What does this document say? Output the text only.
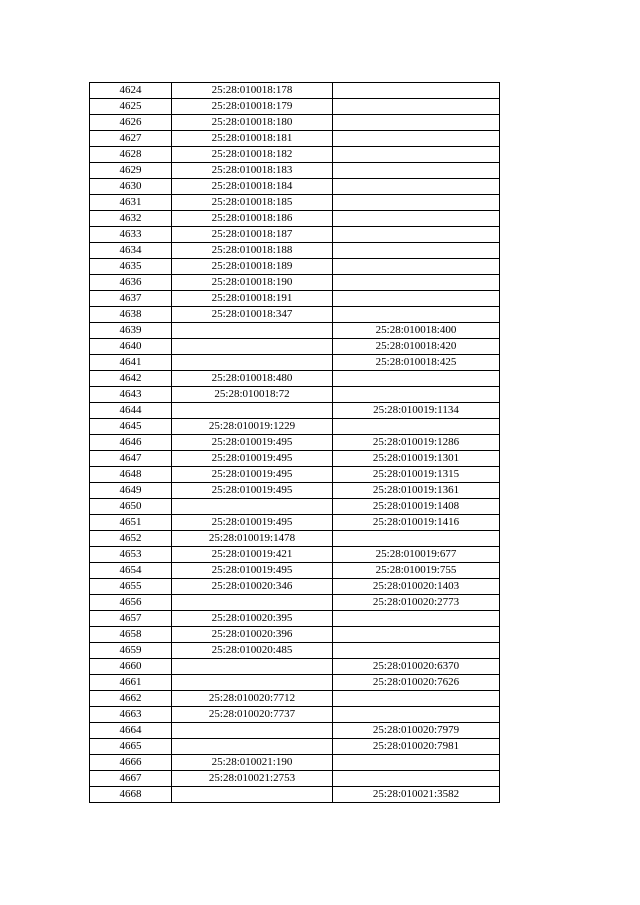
4624	25:28:010018:178	
4625	25:28:010018:179	
4626	25:28:010018:180	
4627	25:28:010018:181	
4628	25:28:010018:182	
4629	25:28:010018:183	
4630	25:28:010018:184	
4631	25:28:010018:185	
4632	25:28:010018:186	
4633	25:28:010018:187	
4634	25:28:010018:188	
4635	25:28:010018:189	
4636	25:28:010018:190	
4637	25:28:010018:191	
4638	25:28:010018:347	
4639		25:28:010018:400
4640		25:28:010018:420
4641		25:28:010018:425
4642	25:28:010018:480	
4643	25:28:010018:72	
4644		25:28:010019:1134
4645	25:28:010019:1229	
4646	25:28:010019:495	25:28:010019:1286
4647	25:28:010019:495	25:28:010019:1301
4648	25:28:010019:495	25:28:010019:1315
4649	25:28:010019:495	25:28:010019:1361
4650		25:28:010019:1408
4651	25:28:010019:495	25:28:010019:1416
4652	25:28:010019:1478	
4653	25:28:010019:421	25:28:010019:677
4654	25:28:010019:495	25:28:010019:755
4655	25:28:010020:346	25:28:010020:1403
4656		25:28:010020:2773
4657	25:28:010020:395	
4658	25:28:010020:396	
4659	25:28:010020:485	
4660		25:28:010020:6370
4661		25:28:010020:7626
4662	25:28:010020:7712	
4663	25:28:010020:7737	
4664		25:28:010020:7979
4665		25:28:010020:7981
4666	25:28:010021:190	
4667	25:28:010021:2753	
4668		25:28:010021:3582
